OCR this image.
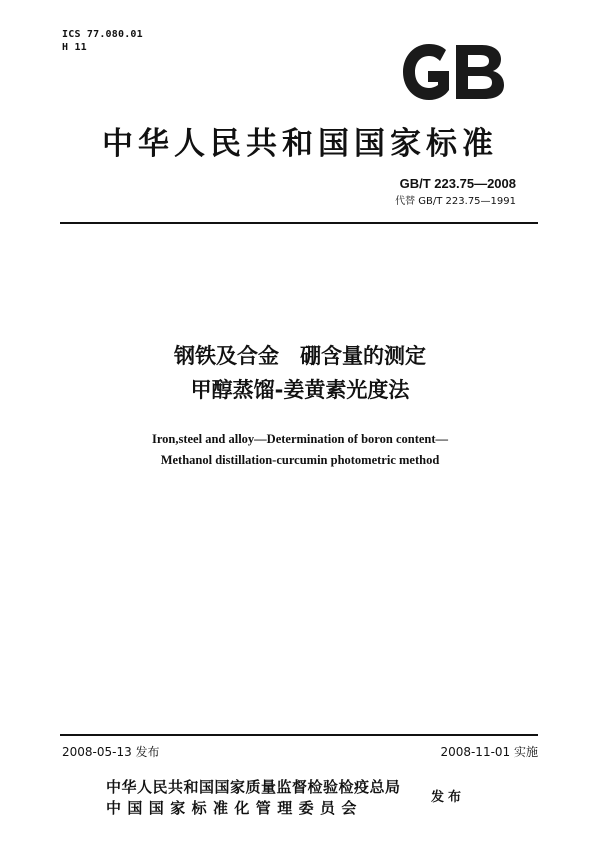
ICS 77.080.01
H 11
中华人民共和国国家标准
GB/T 223.75—2008
代替 GB/T 223.75—1991
钢铁及合金　硼含量的测定
甲醇蒸馏-姜黄素光度法
Iron,steel and alloy—Determination of boron content—
Methanol distillation-curcumin photometric method
2008-05-13 发布	2008-11-01 实施
中华人民共和国国家质量监督检验检疫总局
中国国家标准化管理委员会
发布
